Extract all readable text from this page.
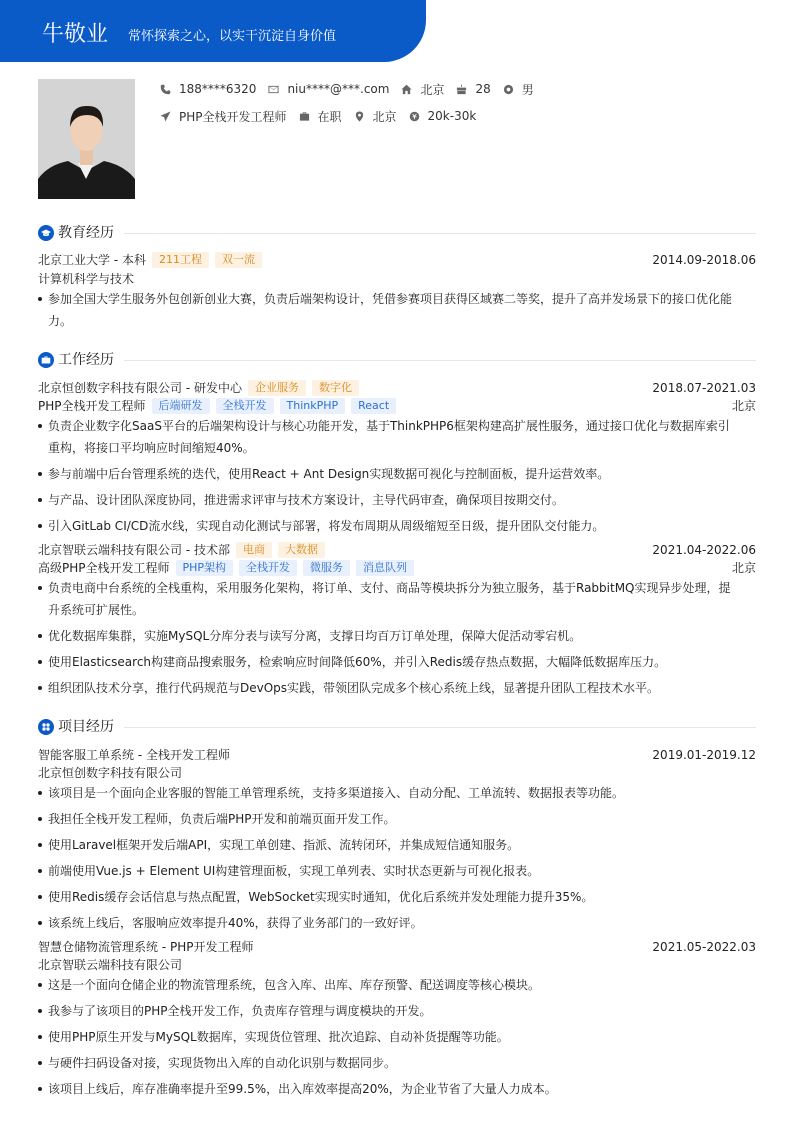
牛敬业 常怀探索之心，以实干沉淀自身价值
188****6320	niu****@***.com	北京	28	男
PHP全栈开发工程师	在职	北京	20k-30k
教育经历
北京工业大学 - 本科	211工程	双一流	2014.09-2018.06
计算机科学与技术
参加全国大学生服务外包创新创业大赛，负责后端架构设计，凭借参赛项目获得区域赛二等奖，提升了高并发场景下的接口优化能力。
工作经历
北京恒创数字科技有限公司 - 研发中心	企业服务	数字化	2018.07-2021.03
PHP全栈开发工程师	后端研发	全栈开发	ThinkPHP	React	北京
负责企业数字化SaaS平台的后端架构设计与核心功能开发，基于ThinkPHP6框架构建高扩展性服务，通过接口优化与数据库索引重构，将接口平均响应时间缩短40%。
参与前端中后台管理系统的迭代，使用React + Ant Design实现数据可视化与控制面板，提升运营效率。
与产品、设计团队深度协同，推进需求评审与技术方案设计，主导代码审查，确保项目按期交付。
引入GitLab CI/CD流水线，实现自动化测试与部署，将发布周期从周级缩短至日级，提升团队交付能力。
北京智联云端科技有限公司 - 技术部	电商	大数据	2021.04-2022.06
高级PHP全栈开发工程师	PHP架构	全栈开发	微服务	消息队列	北京
负责电商中台系统的全栈重构，采用服务化架构，将订单、支付、商品等模块拆分为独立服务，基于RabbitMQ实现异步处理，提升系统可扩展性。
优化数据库集群，实施MySQL分库分表与读写分离，支撑日均百万订单处理，保障大促活动零宕机。
使用Elasticsearch构建商品搜索服务，检索响应时间降低60%，并引入Redis缓存热点数据，大幅降低数据库压力。
组织团队技术分享，推行代码规范与DevOps实践，带领团队完成多个核心系统上线，显著提升团队工程技术水平。
项目经历
智能客服工单系统 - 全栈开发工程师	2019.01-2019.12
北京恒创数字科技有限公司
该项目是一个面向企业客服的智能工单管理系统，支持多渠道接入、自动分配、工单流转、数据报表等功能。
我担任全栈开发工程师，负责后端PHP开发和前端页面开发工作。
使用Laravel框架开发后端API，实现工单创建、指派、流转闭环，并集成短信通知服务。
前端使用Vue.js + Element UI构建管理面板，实现工单列表、实时状态更新与可视化报表。
使用Redis缓存会话信息与热点配置，WebSocket实现实时通知，优化后系统并发处理能力提升35%。
该系统上线后，客服响应效率提升40%，获得了业务部门的一致好评。
智慧仓储物流管理系统 - PHP开发工程师	2021.05-2022.03
北京智联云端科技有限公司
这是一个面向仓储企业的物流管理系统，包含入库、出库、库存预警、配送调度等核心模块。
我参与了该项目的PHP全栈开发工作，负责库存管理与调度模块的开发。
使用PHP原生开发与MySQL数据库，实现货位管理、批次追踪、自动补货提醒等功能。
与硬件扫码设备对接，实现货物出入库的自动化识别与数据同步。
该项目上线后，库存准确率提升至99.5%，出入库效率提高20%，为企业节省了大量人力成本。
